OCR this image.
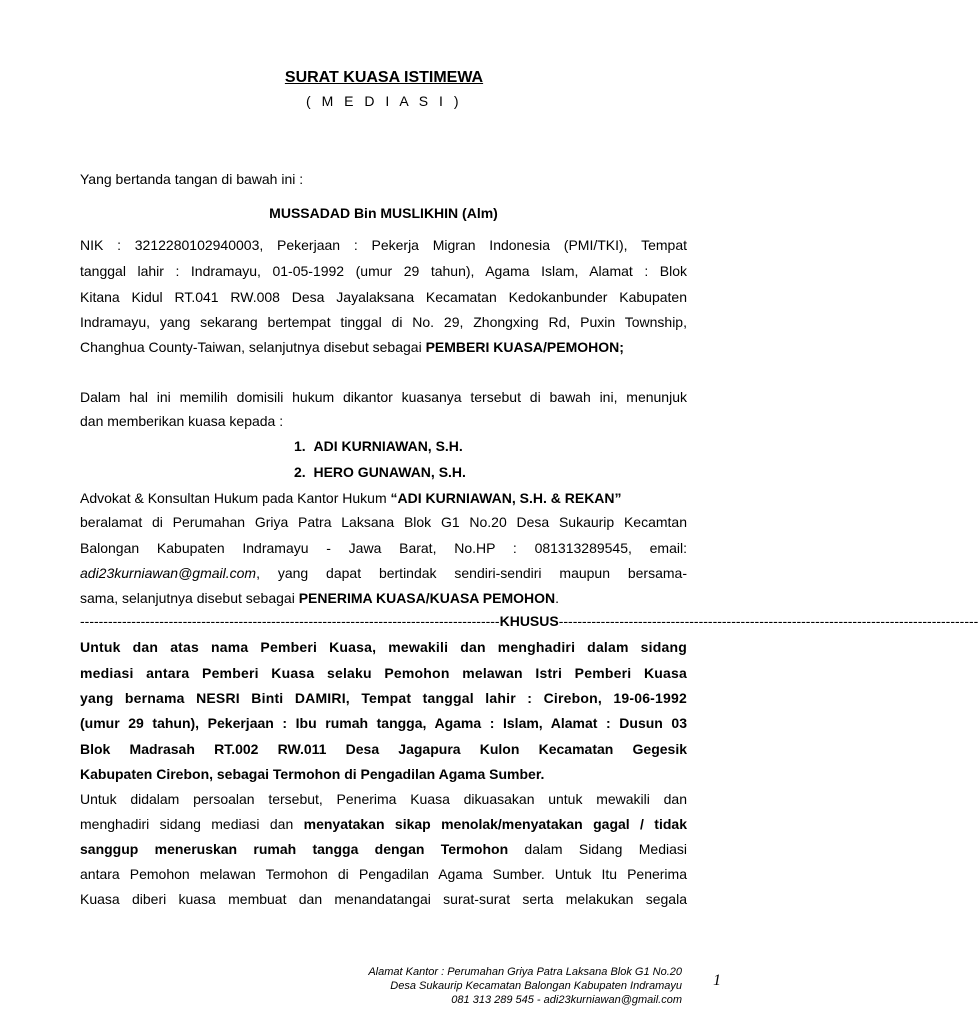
SURAT KUASA ISTIMEWA
( M E D I A S I )
Yang bertanda tangan di bawah ini :
MUSSADAD Bin MUSLIKHIN (Alm)
NIK : 3212280102940003, Pekerjaan : Pekerja Migran Indonesia (PMI/TKI), Tempat
tanggal lahir : Indramayu, 01-05-1992 (umur 29 tahun), Agama Islam, Alamat : Blok
Kitana Kidul RT.041 RW.008 Desa Jayalaksana Kecamatan Kedokanbunder Kabupaten
Indramayu, yang sekarang bertempat tinggal di No. 29, Zhongxing Rd, Puxin Township,
Changhua County-Taiwan, selanjutnya disebut sebagai PEMBERI KUASA/PEMOHON;
Dalam hal ini memilih domisili hukum dikantor kuasanya tersebut di bawah ini, menunjuk
dan memberikan kuasa kepada :
1. ADI KURNIAWAN, S.H.
2. HERO GUNAWAN, S.H.
Advokat & Konsultan Hukum pada Kantor Hukum “ADI KURNIAWAN, S.H. & REKAN”
beralamat di Perumahan Griya Patra Laksana Blok G1 No.20 Desa Sukaurip Kecamtan
Balongan Kabupaten Indramayu - Jawa Barat, No.HP : 081313289545, email:
adi23kurniawan@gmail.com, yang dapat bertindak sendiri-sendiri maupun bersama-
sama, selanjutnya disebut sebagai PENERIMA KUASA/KUASA PEMOHON.
------------------------------------------------------------------------------------------ KHUSUS ------------------------------------------------------------------------------------------
Untuk dan atas nama Pemberi Kuasa, mewakili dan menghadiri dalam sidang
mediasi antara Pemberi Kuasa selaku Pemohon melawan Istri Pemberi Kuasa
yang bernama NESRI Binti DAMIRI, Tempat tanggal lahir : Cirebon, 19-06-1992
(umur 29 tahun), Pekerjaan : Ibu rumah tangga, Agama : Islam, Alamat : Dusun 03
Blok Madrasah RT.002 RW.011 Desa Jagapura Kulon Kecamatan Gegesik
Kabupaten Cirebon, sebagai Termohon di Pengadilan Agama Sumber.
Untuk didalam persoalan tersebut, Penerima Kuasa dikuasakan untuk mewakili dan
menghadiri sidang mediasi dan menyatakan sikap menolak/menyatakan gagal / tidak
sanggup meneruskan rumah tangga dengan Termohon dalam Sidang Mediasi
antara Pemohon melawan Termohon di Pengadilan Agama Sumber. Untuk Itu Penerima
Kuasa diberi kuasa membuat dan menandatangai surat-surat serta melakukan segala
Alamat Kantor : Perumahan Griya Patra Laksana Blok G1 No.20
Desa Sukaurip Kecamatan Balongan Kabupaten Indramayu
081 313 289 545 - adi23kurniawan@gmail.com
1
